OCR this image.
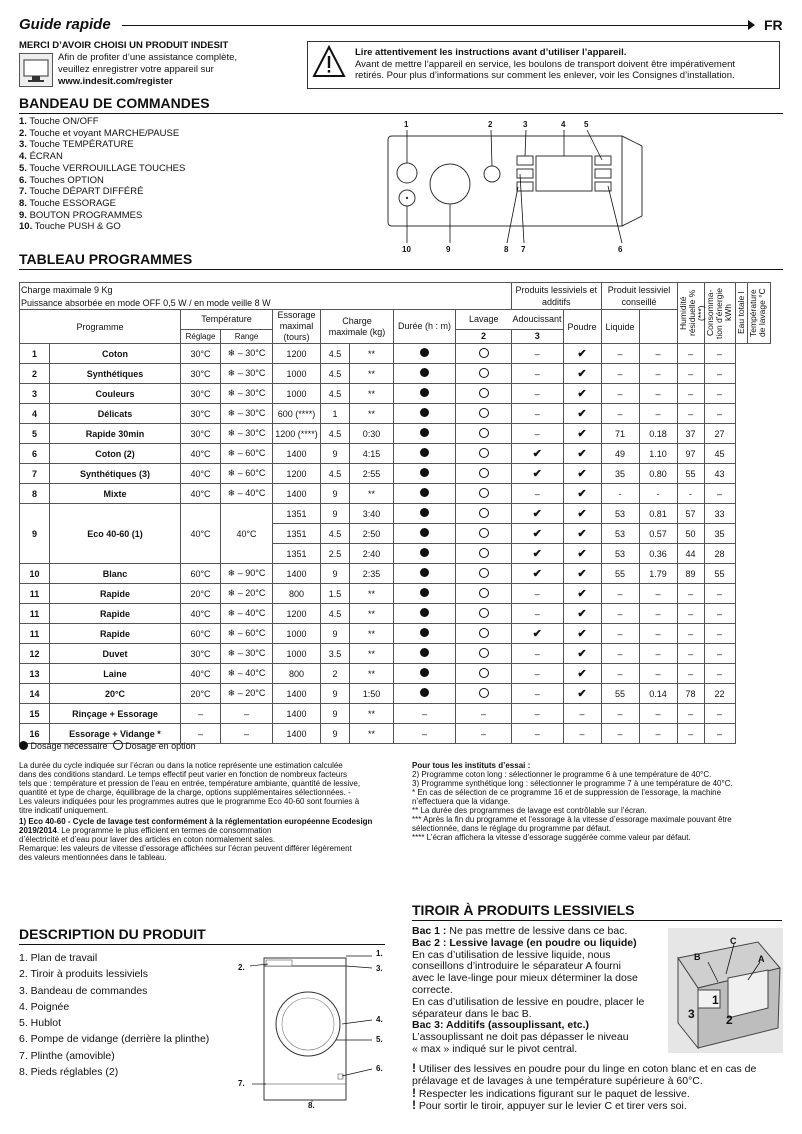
Guide rapide	FR
MERCI D’AVOIR CHOISI UN PRODUIT INDESIT
Afin de profiter d’une assistance complète,
veuillez enregistrer votre appareil sur
www.indesit.com/register
Lire attentivement les instructions avant d’utiliser l’appareil.
Avant de mettre l’appareil en service, les boulons de transport doivent être impérativement
retirés. Pour plus d’informations sur comment les enlever, voir les Consignes d’installation.
BANDEAU DE COMMANDES
1. Touche ON/OFF
2. Touche et voyant MARCHE/PAUSE
3. Touche TEMPÉRATURE
4. ÉCRAN
5. Touche VERROUILLAGE TOUCHES
6. Touches OPTION
7. Touche DÉPART DIFFÉRÉ
8. Touche ESSORAGE
9. BOUTON PROGRAMMES
10. Touche PUSH & GO
1	2	3	4 5
10	9	8 7	6
TABLEAU PROGRAMMES
Charge maximale 9 Kg									Produits lessiviels et additifs		Produit lessiviel conseillé		Humidité résiduelle % (***)	Consomma- tion d’énergie kWh	Eau totale l	Température de lavage °C

Puissance absorbée en mode OFF 0,5 W / en mode veille 8 W																
Programme		Température		Essorage maximal (tours)	Charge maximale (kg)		Durée (h : m)	Lavage	Adoucissant	Poudre	Liquide					
		Réglage	Range					2	3							
1	Coton	30°C	❄ – 30°C	1200	4.5	**			–	✔	–	–	–	–		
2	Synthétiques	30°C	❄ – 30°C	1000	4.5	**			–	✔	–	–	–	–		
3	Couleurs	30°C	❄ – 30°C	1000	4.5	**			–	✔	–	–	–	–		
4	Délicats	30°C	❄ – 30°C	600 (****)	1	**			–	✔	–	–	–	–		
5	Rapide 30min	30°C	❄ – 30°C	1200 (****)	4.5	0:30			–	✔	71	0.18	37	27		
6	Coton (2)	40°C	❄ – 60°C	1400	9	4:15			✔	✔	49	1.10	97	45		
7	Synthétiques (3)	40°C	❄ – 60°C	1200	4.5	2:55			✔	✔	35	0.80	55	43		
8	Mixte	40°C	❄ – 40°C	1400	9	**			–	✔	-	-	-	–		
9	Eco 40-60 (1)	40°C	40°C	1351	9	3:40			✔	✔	53	0.81	57	33		
				1351	4.5	2:50			✔	✔	53	0.57	50	35		
				1351	2.5	2:40			✔	✔	53	0.36	44	28		
10	Blanc	60°C	❄ – 90°C	1400	9	2:35			✔	✔	55	1.79	89	55		
11	Rapide	20°C	❄ – 20°C	800	1.5	**			–	✔	–	–	–	–		
11	Rapide	40°C	❄ – 40°C	1200	4.5	**			–	✔	–	–	–	–		
11	Rapide	60°C	❄ – 60°C	1000	9	**			✔	✔	–	–	–	–		
12	Duvet	30°C	❄ – 30°C	1000	3.5	**			–	✔	–	–	–	–		
13	Laine	40°C	❄ – 40°C	800	2	**			–	✔	–	–	–	–		
14	20°C	20°C	❄ – 20°C	1400	9	1:50			–	✔	55	0.14	78	22		
15	Rinçage + Essorage	–	–	1400	9	**	–	–	–	–	–	–	–	–		
16	Essorage + Vidange *	–	–	1400	9	**	–	–	–	–	–	–	–	–		
Dosage nécessaire Dosage en option
La durée du cycle indiquée sur l’écran ou dans la notice représente une estimation calculée
dans des conditions standard. Le temps effectif peut varier en fonction de nombreux facteurs
tels que : température et pression de l’eau en entrée, température ambiante, quantité de lessive,
quantité et type de charge, équilibrage de la charge, options supplémentaires sélectionnées. -
Les valeurs indiquées pour les programmes autres que le programme Eco 40-60 sont fournies à
titre indicatif uniquement.
1) Eco 40-60 - Cycle de lavage test conformément à la réglementation européenne Ecodesign 2019/2014. Le programme le plus efficient en termes de consommation
d’électricité et d’eau pour laver des articles en coton normalement sales.
Remarque: les valeurs de vitesse d’essorage affichées sur l’écran peuvent différer légèrement
des valeurs mentionnées dans le tableau.

Pour tous les instituts d’essai :
2) Programme coton long : sélectionner le programme 6 à une température de 40°C.
3) Programme synthétique long : sélectionner le programme 7 à une température de 40°C.
* En cas de sélection de ce programme 16 et de suppression de l’essorage, la machine
n’effectuera que la vidange.
** La durée des programmes de lavage est contrôlable sur l’écran.
*** Après la fin du programme et l’essorage à la vitesse d’essorage maximale pouvant être
sélectionnée, dans le réglage du programme par défaut.
**** L’écran affichera la vitesse d’essorage suggérée comme valeur par défaut.
DESCRIPTION DU PRODUIT
1. Plan de travail
2. Tiroir à produits lessiviels
3. Bandeau de commandes
4. Poignée
5. Hublot
6. Pompe de vidange (derrière la plinthe)
7. Plinthe (amovible)
8. Pieds réglables (2)
1.
2.	3.
4.
5.
6.
7.
8.
TIROIR À PRODUITS LESSIVIELS
Bac 1 : Ne pas mettre de lessive dans ce bac.
Bac 2 : Lessive lavage (en poudre ou liquide)
En cas d’utilisation de lessive liquide, nous
conseillons d’introduire le séparateur A fourni
avec le lave-linge pour mieux déterminer la dose
correcte.
En cas d’utilisation de lessive en poudre, placer le
séparateur dans le bac B.
Bac 3: Additifs (assouplissant, etc.)
L’assouplissant ne doit pas dépasser le niveau
« max » indiqué sur le pivot central.
! Utiliser des lessives en poudre pour du linge en coton blanc et en cas de
prélavage et de lavages à une température supérieure à 60°C.
! Respecter les indications figurant sur le paquet de lessive.
! Pour sortir le tiroir, appuyer sur le levier C et tirer vers soi.
C
B	A
1
2
3
